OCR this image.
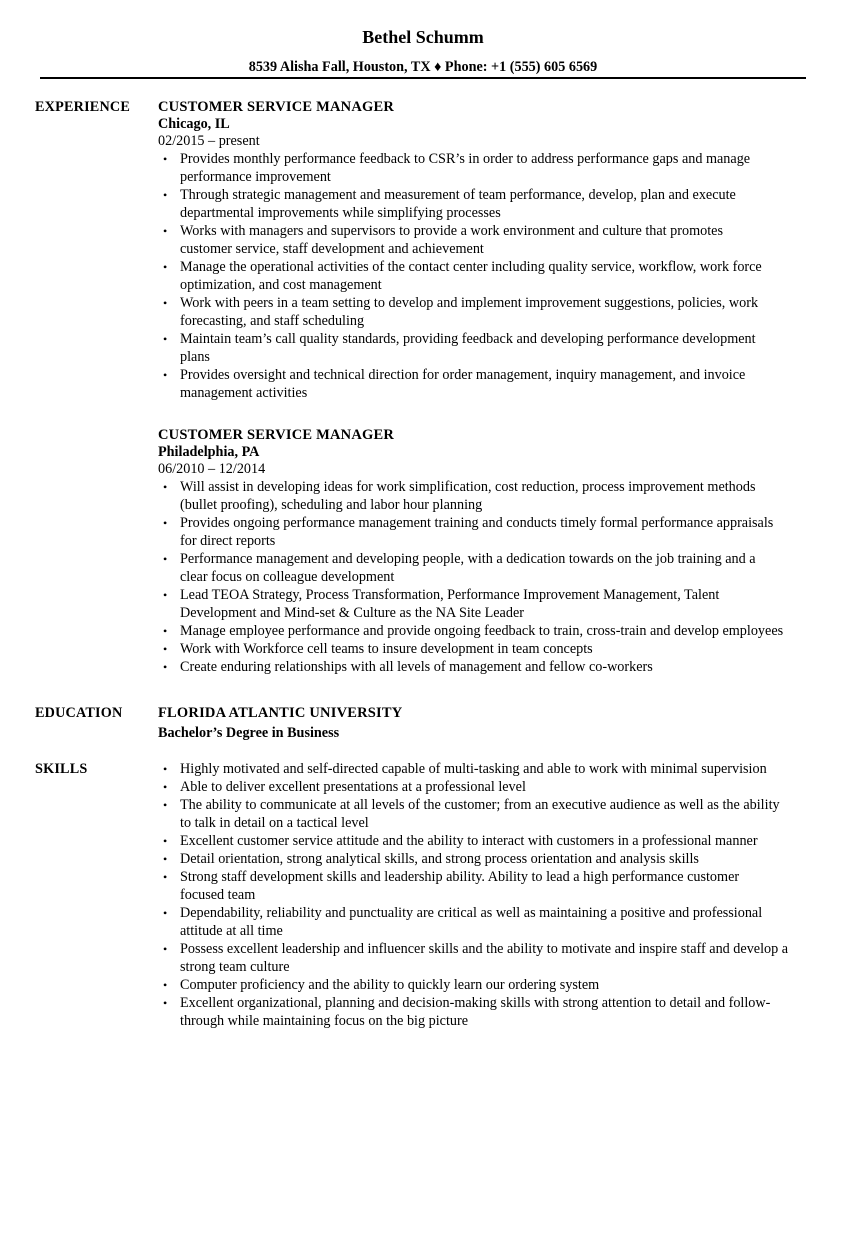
Bethel Schumm
8539 Alisha Fall, Houston, TX ♦ Phone: +1 (555) 605 6569
EXPERIENCE CUSTOMER SERVICE MANAGER
Chicago, IL
02/2015 – present
• Provides monthly performance feedback to CSR’s in order to address performance gaps and manage
performance improvement
• Through strategic management and measurement of team performance, develop, plan and execute
departmental improvements while simplifying processes
• Works with managers and supervisors to provide a work environment and culture that promotes
customer service, staff development and achievement
• Manage the operational activities of the contact center including quality service, workflow, work force
optimization, and cost management
• Work with peers in a team setting to develop and implement improvement suggestions, policies, work
forecasting, and staff scheduling
• Maintain team’s call quality standards, providing feedback and developing performance development
plans
• Provides oversight and technical direction for order management, inquiry management, and invoice
management activities
CUSTOMER SERVICE MANAGER
Philadelphia, PA
06/2010 – 12/2014
• Will assist in developing ideas for work simplification, cost reduction, process improvement methods
(bullet proofing), scheduling and labor hour planning
• Provides ongoing performance management training and conducts timely formal performance appraisals
for direct reports
• Performance management and developing people, with a dedication towards on the job training and a
clear focus on colleague development
• Lead TEOA Strategy, Process Transformation, Performance Improvement Management, Talent
Development and Mind-set & Culture as the NA Site Leader
• Manage employee performance and provide ongoing feedback to train, cross-train and develop employees
• Work with Workforce cell teams to insure development in team concepts
• Create enduring relationships with all levels of management and fellow co-workers
EDUCATION FLORIDA ATLANTIC UNIVERSITY
Bachelor’s Degree in Business
SKILLS	• Highly motivated and self-directed capable of multi-tasking and able to work with minimal supervision
• Able to deliver excellent presentations at a professional level
• The ability to communicate at all levels of the customer; from an executive audience as well as the ability
to talk in detail on a tactical level
• Excellent customer service attitude and the ability to interact with customers in a professional manner
• Detail orientation, strong analytical skills, and strong process orientation and analysis skills
• Strong staff development skills and leadership ability. Ability to lead a high performance customer
focused team
• Dependability, reliability and punctuality are critical as well as maintaining a positive and professional
attitude at all time
• Possess excellent leadership and influencer skills and the ability to motivate and inspire staff and develop a
strong team culture
• Computer proficiency and the ability to quickly learn our ordering system
• Excellent organizational, planning and decision-making skills with strong attention to detail and follow-
through while maintaining focus on the big picture
